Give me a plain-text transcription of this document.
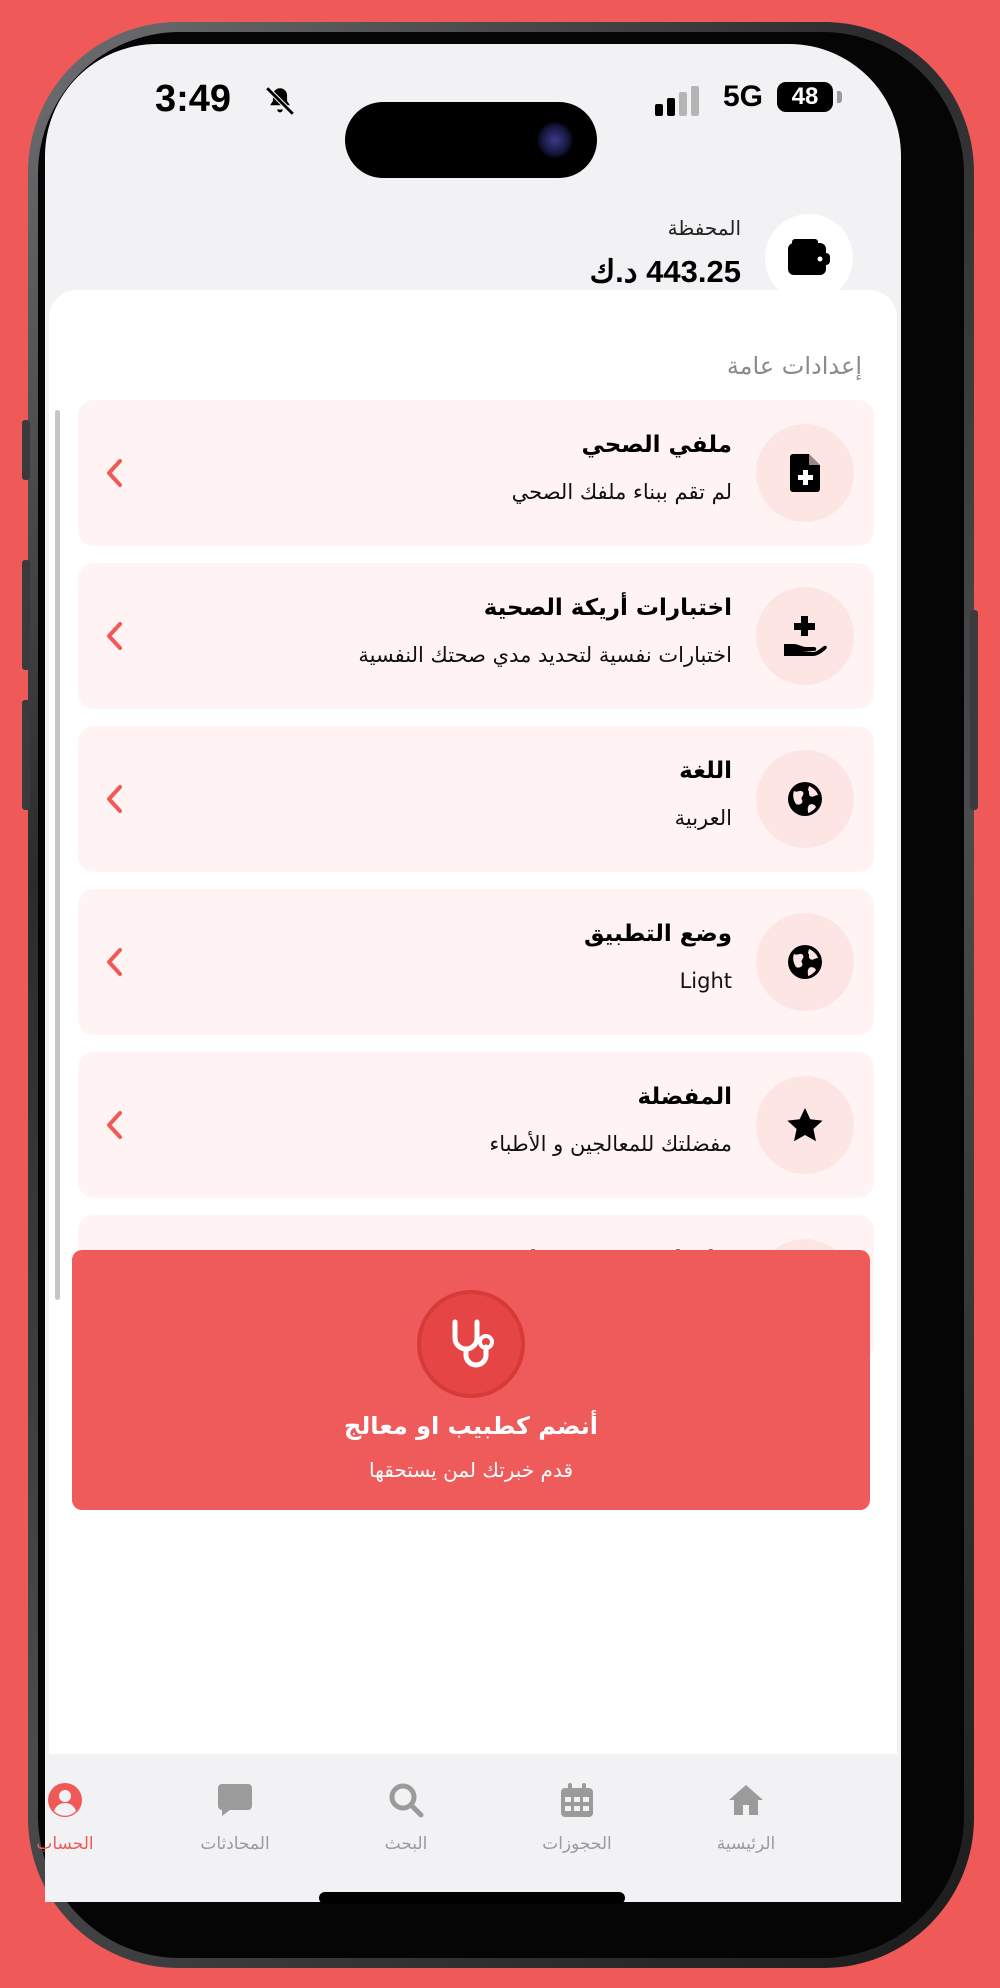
3:49	5G	48
المحفظة
443.25 د.ك
إعدادات عامة
ملفي الصحي
لم تقم ببناء ملفك الصحي
اختبارات أريكة الصحية
اختبارات نفسية لتحديد مدي صحتك النفسية
اللغة
العربية
وضع التطبيق
Light
المفضلة
مفضلتك للمعالجين و الأطباء
أنضم كطبيب او معالج
قدم خبرتك لمن يستحقها
الرئيسية
الحجوزات
البحث
المحادثات
الحساب
